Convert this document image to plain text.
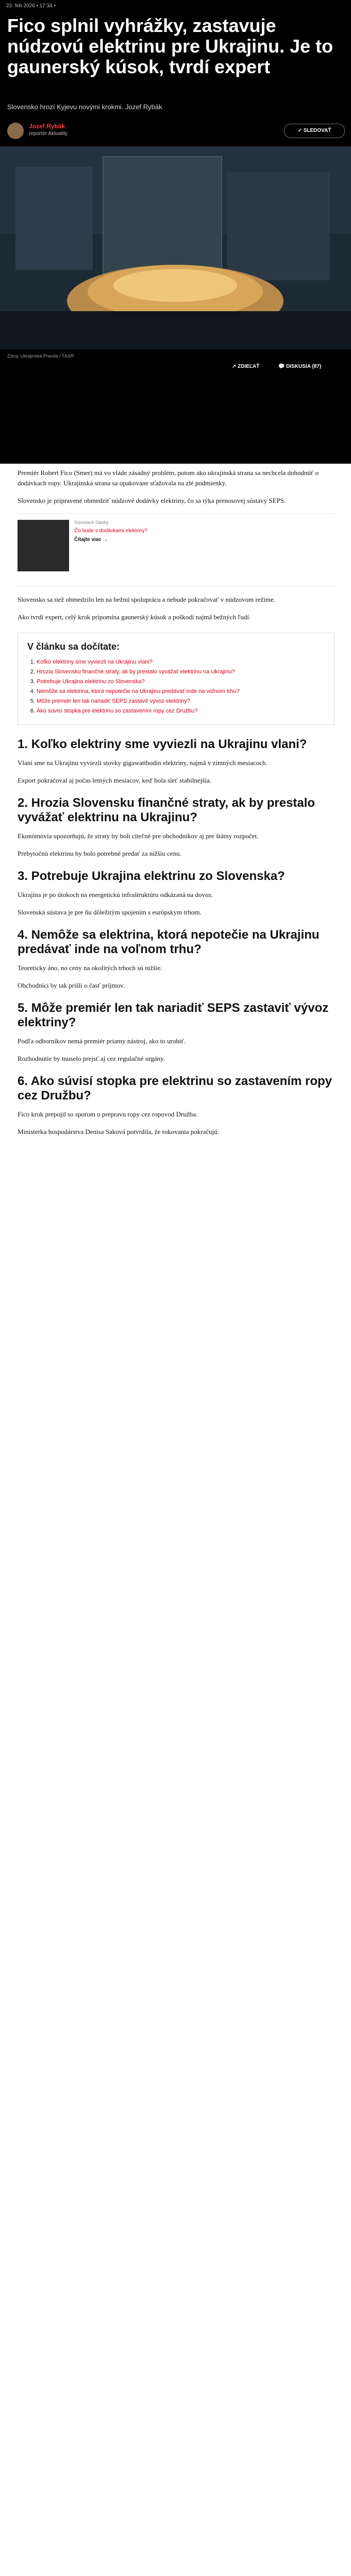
23. feb 2026 • 17:34 •
Fico splnil vyhrážky, zastavuje núdzovú elektrinu pre Ukrajinu. Je to gaunerský kúsok, tvrdí expert
Slovensko hrozí Kyjevu novými krokmi. Jozef Rybák
Jozef Rybák
reportér Aktuality
✓ SLEDOVAŤ
Zdroj: Ukrajinská Pravda / TASR
↗ ZDIEĽAŤ	💬 DISKUSIA (87)

Premiér Robert Fico (Smer) má vo vláde zásadný problém, potom ako ukrajinská strana sa nechcela dohodnúť o dodávkach ropy. Ukrajinská strana sa opakovane sťažovala na zlé podmienky.

Slovensko je pripravené obmedziť núdzové dodávky elektriny, čo sa týka prenosovej sústavy SEPS.

Súvisiace články
Čo bude s dodávkami elektriny?
Čítajte viac →

Slovensko sa tiež obmedzilo len na bežnú spoluprácu a nebude pokračovať v núdzovom režime.

Ako tvrdí expert, celý krok pripomína gaunerský kúsok a poškodí najmä bežných ľudí.

V článku sa dočítate:
1. Koľko elektriny sme vyviezli na Ukrajinu vlani?
2. Hrozia Slovensku finančné straty, ak by prestalo vyvážať elektrinu na Ukrajinu?
3. Potrebuje Ukrajina elektrinu zo Slovenska?
4. Nemôže sa elektrina, ktorá nepotečie na Ukrajinu predávať inde na voľnom trhu?
5. Môže premiér len tak nariadiť SEPS zastaviť vývoz elektriny?
6. Ako súvisí stopka pre elektrinu so zastavením ropy cez Družbu?
1. Koľko elektriny sme vyviezli na Ukrajinu vlani?

Vlani sme na Ukrajinu vyviezli stovky gigawatthodín elektriny, najmä v zimných mesiacoch.

Export pokračoval aj počas letných mesiacov, keď bola sieť stabilnejšia.

2. Hrozia Slovensku finančné straty, ak by prestalo vyvážať elektrinu na Ukrajinu?

Ekonómovia upozorňujú, že straty by boli citeľné pre obchodníkov aj pre štátny rozpočet.

Prebytočnú elektrinu by bolo potrebné predať za nižšiu cenu.

3. Potrebuje Ukrajina elektrinu zo Slovenska?

Ukrajina je po útokoch na energetickú infraštruktúru odkázaná na dovoz.

Slovenská sústava je pre ňu dôležitým spojením s európskym trhom.

4. Nemôže sa elektrina, ktorá nepotečie na Ukrajinu predávať inde na voľnom trhu?

Teoreticky áno, no ceny na okolitých trhoch sú nižšie.

Obchodníci by tak prišli o časť príjmov.

5. Môže premiér len tak nariadiť SEPS zastaviť vývoz elektriny?

Podľa odborníkov nemá premiér priamy nástroj, ako to urobiť.

Rozhodnutie by muselo prejsť aj cez regulačné orgány.

6. Ako súvisí stopka pre elektrinu so zastavením ropy cez Družbu?

Fico krok prepojil so sporom o prepravu ropy cez ropovod Družba.

Ministerka hospodárstva Denisa Saková potvrdila, že rokovania pokračujú.
